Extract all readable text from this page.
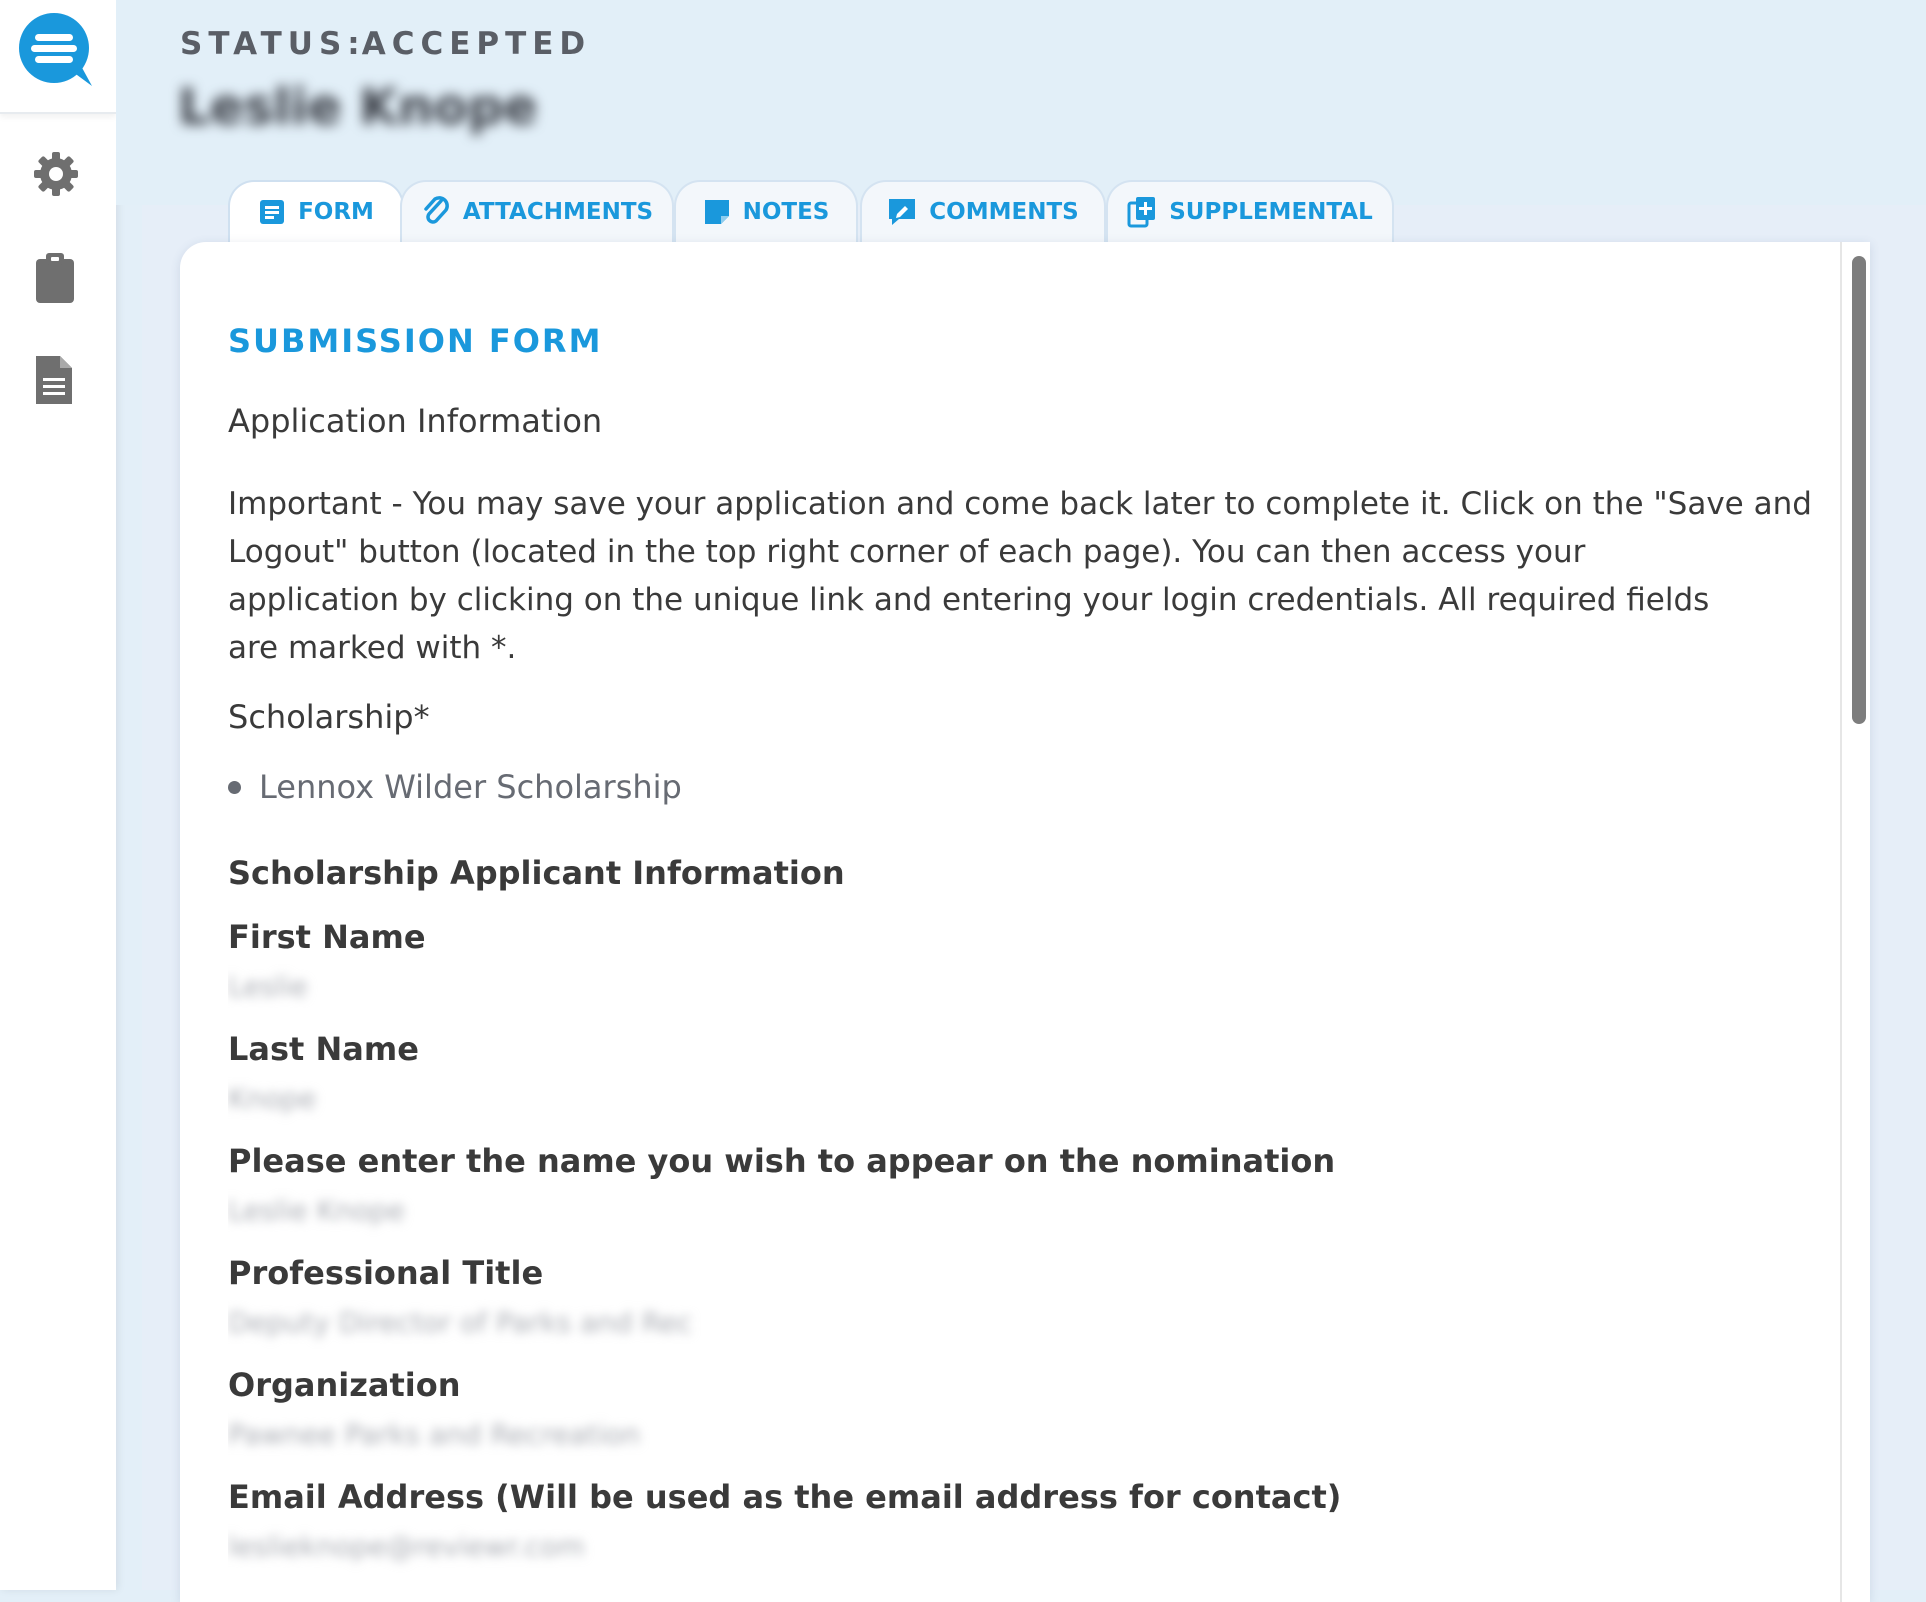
STATUS:ACCEPTED
Leslie Knope
FORM	ATTACHMENTS	NOTES	COMMENTS	SUPPLEMENTAL
SUBMISSION FORM
Application Information
Important - You may save your application and come back later to complete it. Click on the "Save and
Logout" button (located in the top right corner of each page). You can then access your
application by clicking on the unique link and entering your login credentials. All required fields
are marked with *.
Scholarship*
Lennox Wilder Scholarship
Scholarship Applicant Information
First Name
Leslie
Last Name
Knope
Please enter the name you wish to appear on the nomination
Leslie Knope
Professional Title
Deputy Director of Parks and Rec
Organization
Pawnee Parks and Recreation
Email Address (Will be used as the email address for contact)
leslieknope@reviewr.com
